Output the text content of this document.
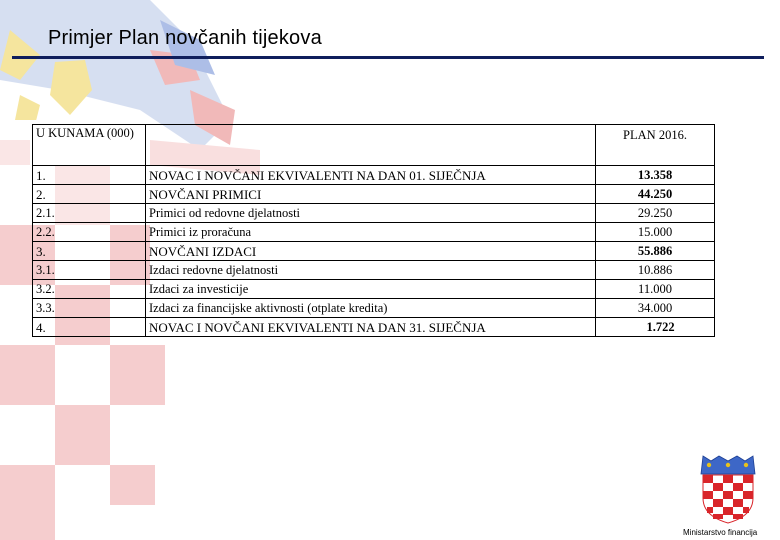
Primjer Plan novčanih tijekova
U KUNAMA (000)		PLAN 2016.
1.	NOVAC I NOVČANI EKVIVALENTI NA DAN 01. SIJEČNJA	13.358
2.	NOVČANI PRIMICI	44.250
2.1.	Primici od redovne djelatnosti	29.250
2.2.	Primici iz proračuna	15.000
3.	NOVČANI IZDACI	55.886
3.1.	Izdaci redovne djelatnosti	10.886
3.2.	Izdaci za investicije	11.000
3.3.	Izdaci za financijske aktivnosti (otplate kredita)	34.000
4.	NOVAC I NOVČANI EKVIVALENTI NA DAN 31. SIJEČNJA	1.722
Ministarstvo financija
